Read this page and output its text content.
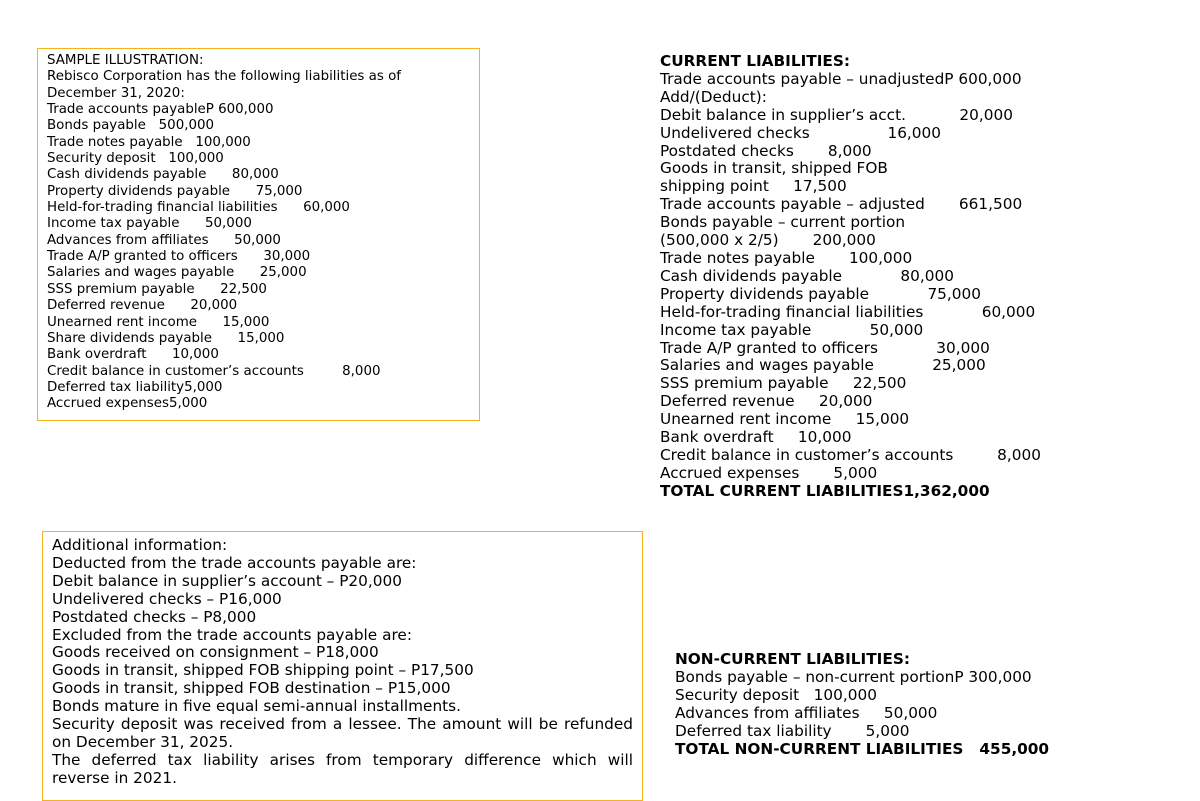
SAMPLE ILLUSTRATION:
Rebisco Corporation has the following liabilities as of
December 31, 2020:
Trade accounts payableP 600,000
Bonds payable   500,000
Trade notes payable   100,000
Security deposit   100,000
Cash dividends payable      80,000
Property dividends payable      75,000
Held-for-trading financial liabilities      60,000
Income tax payable      50,000
Advances from affiliates      50,000
Trade A/P granted to officers      30,000
Salaries and wages payable      25,000
SSS premium payable      22,500
Deferred revenue      20,000
Unearned rent income      15,000
Share dividends payable      15,000
Bank overdraft      10,000
Credit balance in customer’s accounts         8,000
Deferred tax liability5,000
Accrued expenses5,000
CURRENT LIABILITIES:
Trade accounts payable – unadjustedP 600,000
Add/(Deduct):
Debit balance in supplier’s acct.           20,000
Undelivered checks                16,000
Postdated checks       8,000
Goods in transit, shipped FOB
shipping point     17,500
Trade accounts payable – adjusted       661,500
Bonds payable – current portion
(500,000 x 2/5)       200,000
Trade notes payable       100,000
Cash dividends payable            80,000
Property dividends payable            75,000
Held-for-trading financial liabilities            60,000
Income tax payable            50,000
Trade A/P granted to officers            30,000
Salaries and wages payable            25,000
SSS premium payable     22,500
Deferred revenue     20,000
Unearned rent income     15,000
Bank overdraft     10,000
Credit balance in customer’s accounts         8,000
Accrued expenses       5,000
TOTAL CURRENT LIABILITIES1,362,000
Additional information:
Deducted from the trade accounts payable are:
Debit balance in supplier’s account – P20,000
Undelivered checks – P16,000
Postdated checks – P8,000
Excluded from the trade accounts payable are:
Goods received on consignment – P18,000
Goods in transit, shipped FOB shipping point – P17,500
Goods in transit, shipped FOB destination – P15,000
Bonds mature in five equal semi-annual installments.
Security deposit was received from a lessee. The amount will be refunded on December 31, 2025.
The deferred tax liability arises from temporary difference which will reverse in 2021.
NON-CURRENT LIABILITIES:
Bonds payable – non-current portionP 300,000
Security deposit   100,000
Advances from affiliates     50,000
Deferred tax liability       5,000
TOTAL NON-CURRENT LIABILITIES   455,000
